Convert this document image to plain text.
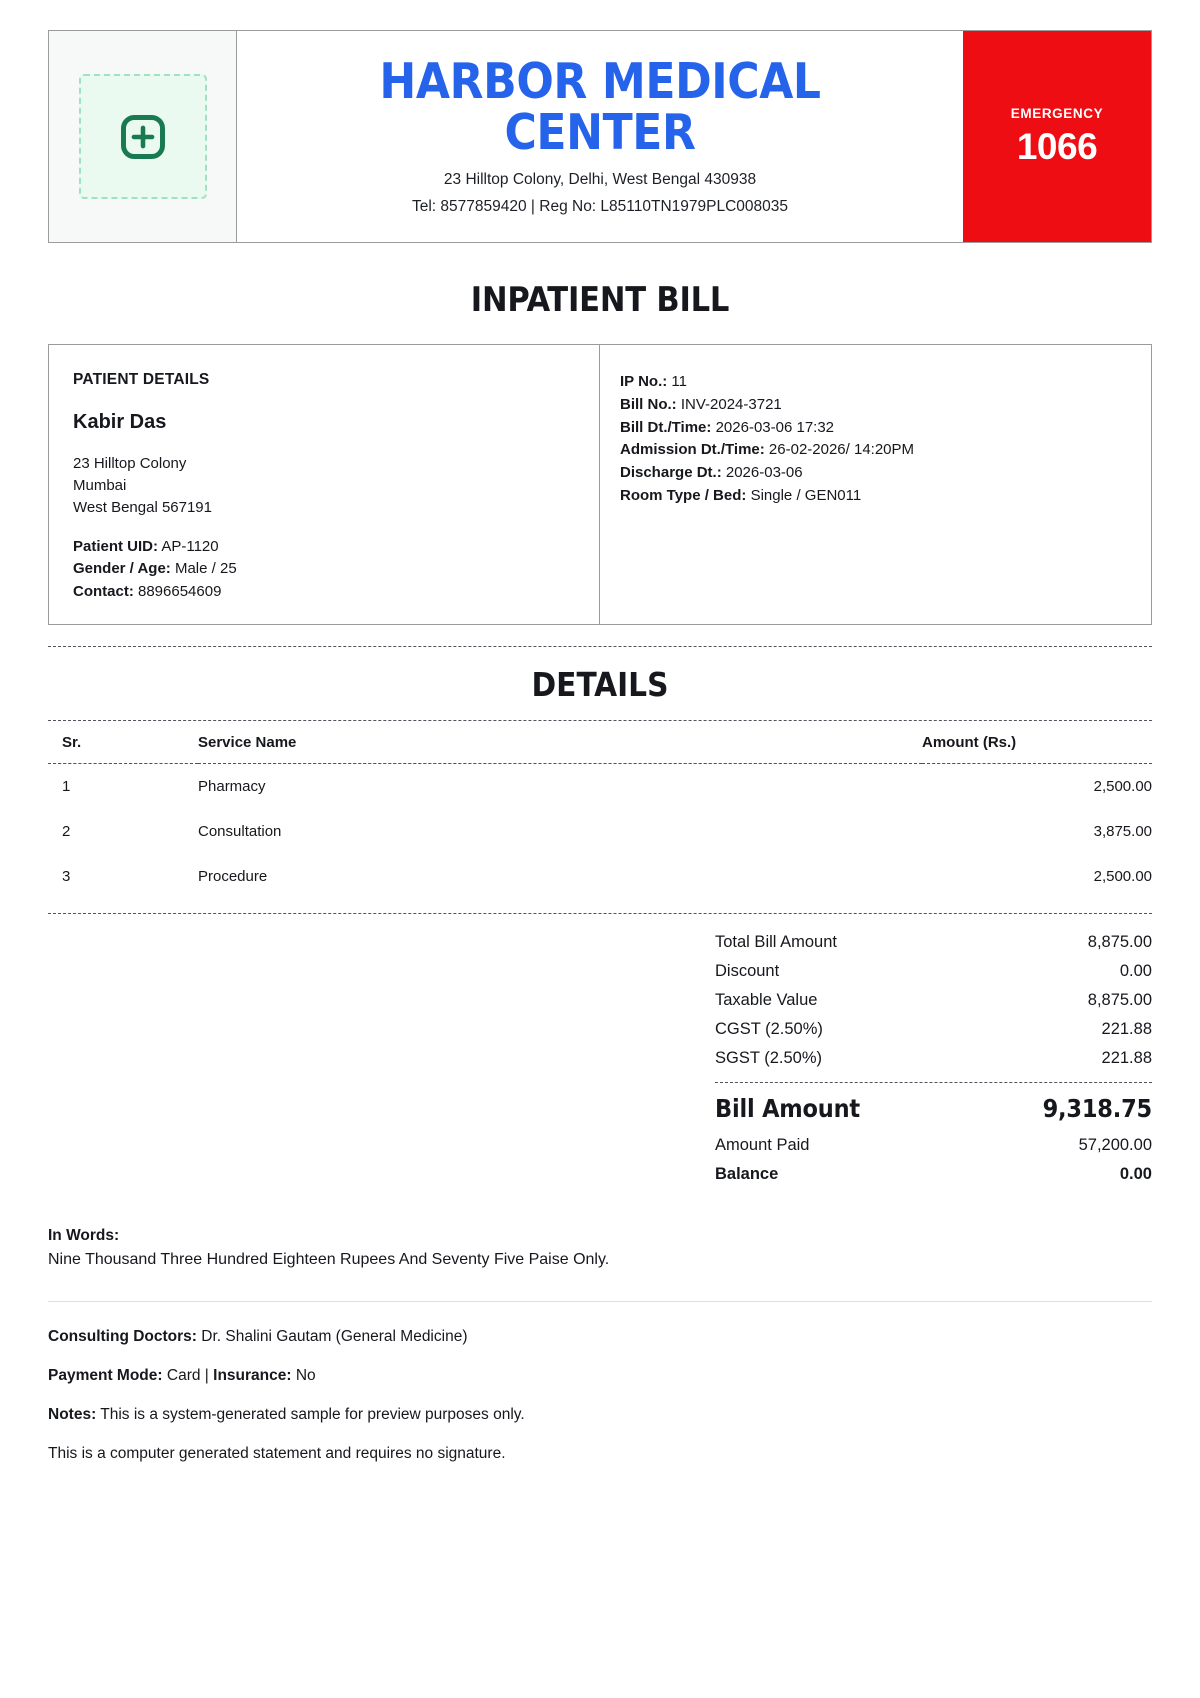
HARBOR MEDICAL CENTER
23 Hilltop Colony, Delhi, West Bengal 430938
Tel: 8577859420 | Reg No: L85110TN1979PLC008035
EMERGENCY
1066
INPATIENT BILL
PATIENT DETAILS
Kabir Das
23 Hilltop Colony
Mumbai
West Bengal 567191
Patient UID: AP-1120
Gender / Age: Male / 25
Contact: 8896654609
IP No.: 11
Bill No.: INV-2024-3721
Bill Dt./Time: 2026-03-06 17:32
Admission Dt./Time: 26-02-2026/ 14:20PM
Discharge Dt.: 2026-03-06
Room Type / Bed: Single / GEN011
DETAILS
Sr.	Service Name	Amount (Rs.)
1	Pharmacy	2,500.00
2	Consultation	3,875.00
3	Procedure	2,500.00
Total Bill Amount	8,875.00
Discount	0.00
Taxable Value	8,875.00
CGST (2.50%)	221.88
SGST (2.50%)	221.88
Bill Amount	9,318.75
Amount Paid	57,200.00
Balance	0.00
In Words:
Nine Thousand Three Hundred Eighteen Rupees And Seventy Five Paise Only.
Consulting Doctors: Dr. Shalini Gautam (General Medicine)
Payment Mode: Card | Insurance: No
Notes: This is a system-generated sample for preview purposes only.
This is a computer generated statement and requires no signature.
